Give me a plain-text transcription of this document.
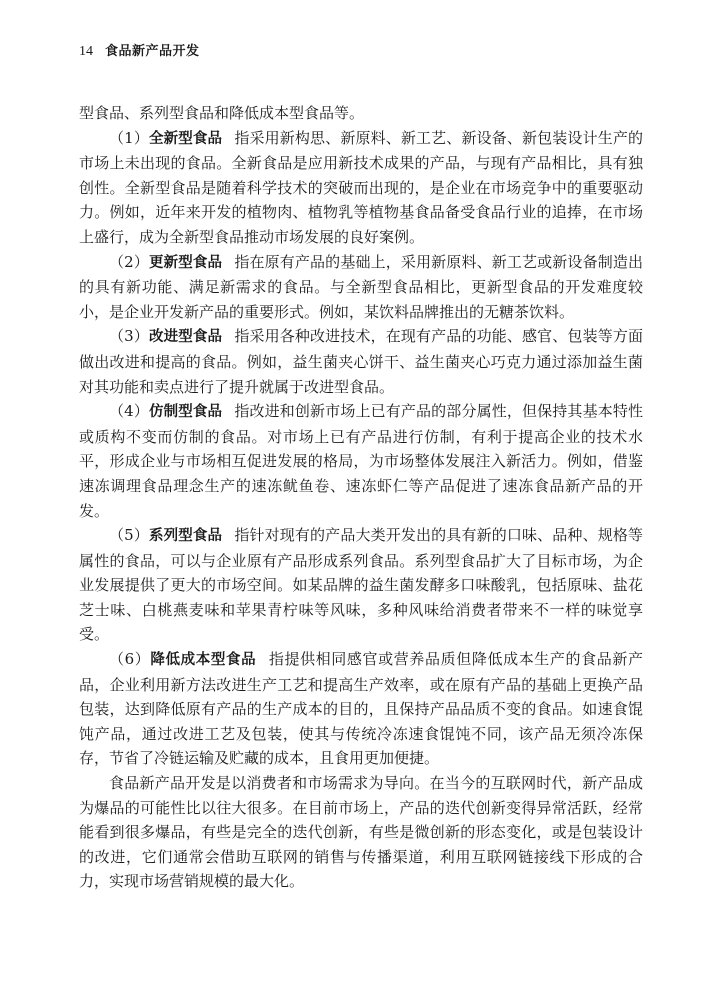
14 食品新产品开发

型食品、系列型食品和降低成本型食品等。

（1）全新型食品 指采用新构思、新原料、新工艺、新设备、新包装设计生产的市场上未出现的食品。全新食品是应用新技术成果的产品，与现有产品相比，具有独创性。全新型食品是随着科学技术的突破而出现的，是企业在市场竞争中的重要驱动力。例如，近年来开发的植物肉、植物乳等植物基食品备受食品行业的追捧，在市场上盛行，成为全新型食品推动市场发展的良好案例。

（2）更新型食品 指在原有产品的基础上，采用新原料、新工艺或新设备制造出的具有新功能、满足新需求的食品。与全新型食品相比，更新型食品的开发难度较小，是企业开发新产品的重要形式。例如，某饮料品牌推出的无糖茶饮料。

（3）改进型食品 指采用各种改进技术，在现有产品的功能、感官、包装等方面做出改进和提高的食品。例如，益生菌夹心饼干、益生菌夹心巧克力通过添加益生菌对其功能和卖点进行了提升就属于改进型食品。

（4）仿制型食品 指改进和创新市场上已有产品的部分属性，但保持其基本特性或质构不变而仿制的食品。对市场上已有产品进行仿制，有利于提高企业的技术水平，形成企业与市场相互促进发展的格局，为市场整体发展注入新活力。例如，借鉴速冻调理食品理念生产的速冻鱿鱼卷、速冻虾仁等产品促进了速冻食品新产品的开发。

（5）系列型食品 指针对现有的产品大类开发出的具有新的口味、品种、规格等属性的食品，可以与企业原有产品形成系列食品。系列型食品扩大了目标市场，为企业发展提供了更大的市场空间。如某品牌的益生菌发酵多口味酸乳，包括原味、盐花芝士味、白桃燕麦味和苹果青柠味等风味，多种风味给消费者带来不一样的味觉享受。

（6）降低成本型食品 指提供相同感官或营养品质但降低成本生产的食品新产品，企业利用新方法改进生产工艺和提高生产效率，或在原有产品的基础上更换产品包装，达到降低原有产品的生产成本的目的，且保持产品品质不变的食品。如速食馄饨产品，通过改进工艺及包装，使其与传统冷冻速食馄饨不同，该产品无须冷冻保存，节省了冷链运输及贮藏的成本，且食用更加便捷。

食品新产品开发是以消费者和市场需求为导向。在当今的互联网时代，新产品成为爆品的可能性比以往大很多。在目前市场上，产品的迭代创新变得异常活跃，经常能看到很多爆品，有些是完全的迭代创新，有些是微创新的形态变化，或是包装设计的改进，它们通常会借助互联网的销售与传播渠道，利用互联网链接线下形成的合力，实现市场营销规模的最大化。
